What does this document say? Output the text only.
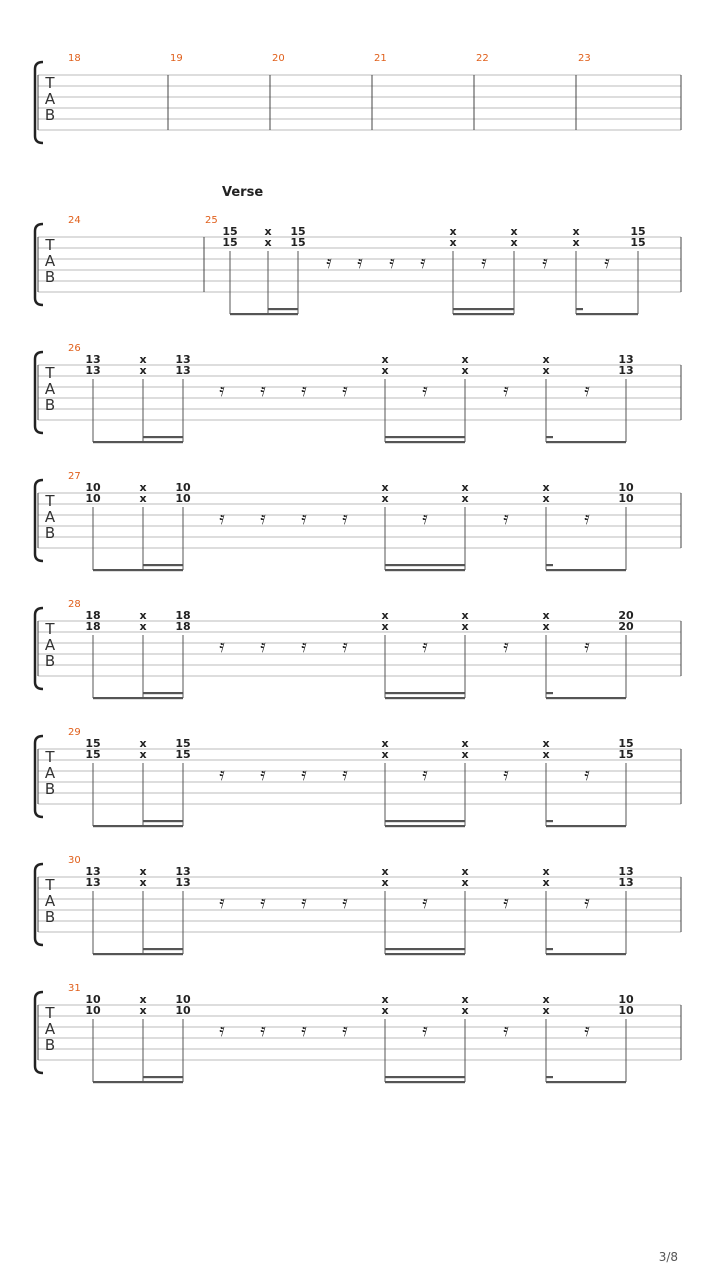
T
A
B
18	19	20	21	22	23
T
A
B
24	25
Verse
15
15
x
x
15
15
𝄿 𝄿 𝄿 𝄿
x
x
𝄿
x
x
𝄿
x
x
𝄿
15
15
T
A
B
26
13
13
x
x
13
13
𝄿 𝄿 𝄿 𝄿
x
x
𝄿
x
x
𝄿
x
x
𝄿
13
13
T
A
B
27
10
10
x
x
10
10
𝄿 𝄿 𝄿 𝄿
x
x
𝄿
x
x
𝄿
x
x
𝄿
10
10
T
A
B
28
18
18
x
x
18
18
𝄿 𝄿 𝄿 𝄿
x
x
𝄿
x
x
𝄿
x
x
𝄿
20
20
T
A
B
29
15
15
x
x
15
15
𝄿 𝄿 𝄿 𝄿
x
x
𝄿
x
x
𝄿
x
x
𝄿
15
15
T
A
B
30
13
13
x
x
13
13
𝄿 𝄿 𝄿 𝄿
x
x
𝄿
x
x
𝄿
x
x
𝄿
13
13
T
A
B
31
10
10
x
x
10
10
𝄿 𝄿 𝄿 𝄿
x
x
𝄿
x
x
𝄿
x
x
𝄿
10
10
3/8
